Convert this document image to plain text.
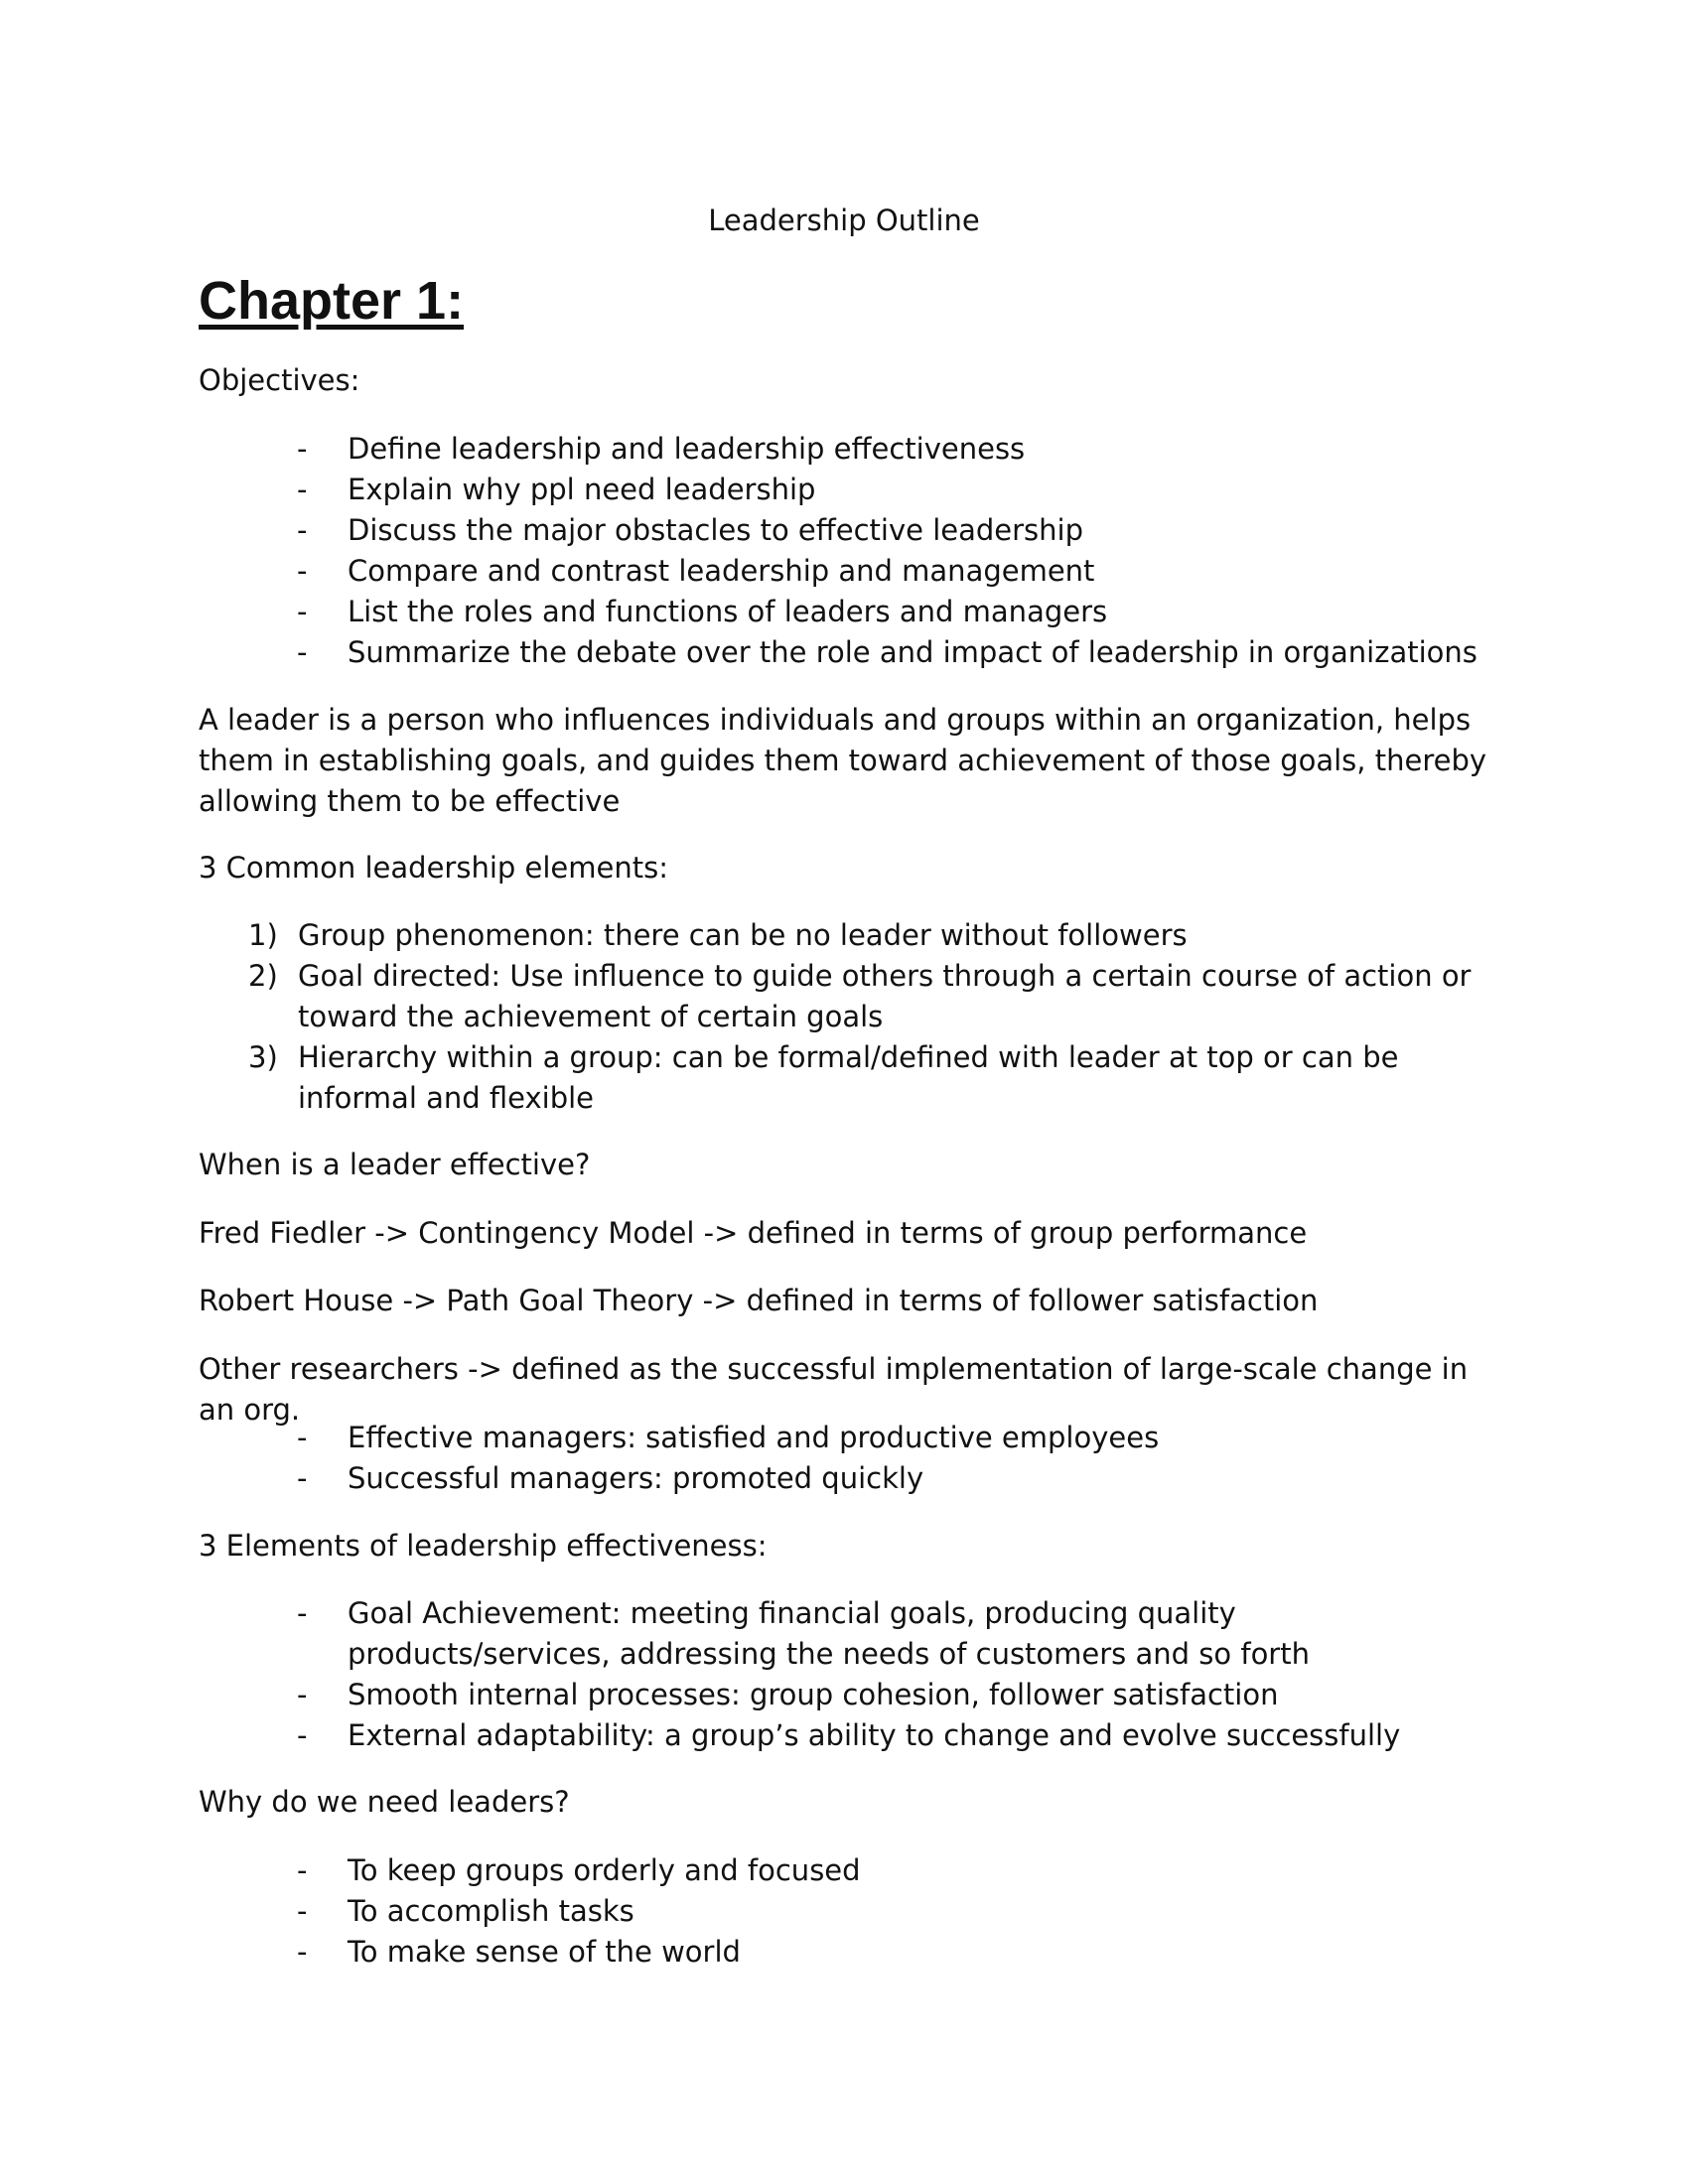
Leadership Outline

Chapter 1:

Objectives:

-	Define leadership and leadership effectiveness
-	Explain why ppl need leadership
-	Discuss the major obstacles to effective leadership
-	Compare and contrast leadership and management
-	List the roles and functions of leaders and managers
-	Summarize the debate over the role and impact of leadership in organizations

A leader is a person who influences individuals and groups within an organization, helps them in establishing goals, and guides them toward achievement of those goals, thereby allowing them to be effective

3 Common leadership elements:

1) Group phenomenon: there can be no leader without followers
2) Goal directed: Use influence to guide others through a certain course of action or toward the achievement of certain goals
3) Hierarchy within a group: can be formal/defined with leader at top or can be informal and flexible

When is a leader effective?

Fred Fiedler -> Contingency Model -> defined in terms of group performance

Robert House -> Path Goal Theory -> defined in terms of follower satisfaction

Other researchers -> defined as the successful implementation of large-scale change in an org.

-	Effective managers: satisfied and productive employees
-	Successful managers: promoted quickly

3 Elements of leadership effectiveness:

-	Goal Achievement: meeting financial goals, producing quality products/services, addressing the needs of customers and so forth
-	Smooth internal processes: group cohesion, follower satisfaction
-	External adaptability: a group’s ability to change and evolve successfully

Why do we need leaders?

-	To keep groups orderly and focused
-	To accomplish tasks
-	To make sense of the world
